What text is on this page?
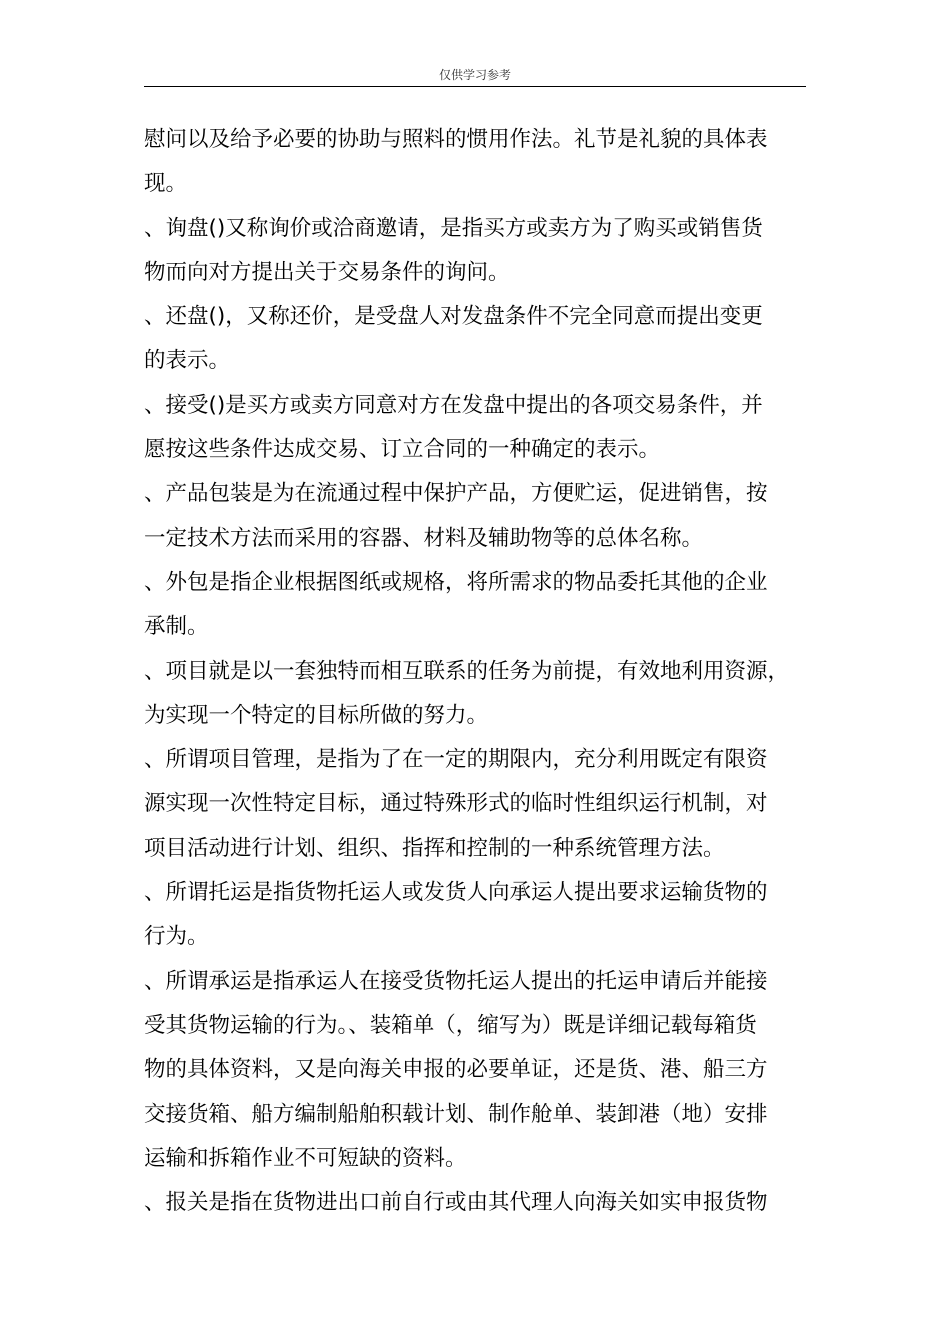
仅供学习参考

慰问以及给予必要的协助与照料的惯用作法。礼节是礼貌的具体表

现。

、询盘()又称询价或洽商邀请，是指买方或卖方为了购买或销售货

物而向对方提出关于交易条件的询问。

、还盘()，又称还价，是受盘人对发盘条件不完全同意而提出变更

的表示。

、接受()是买方或卖方同意对方在发盘中提出的各项交易条件，并

愿按这些条件达成交易、订立合同的一种确定的表示。

、产品包装是为在流通过程中保护产品，方便贮运，促进销售，按

一定技术方法而采用的容器、材料及辅助物等的总体名称。

、外包是指企业根据图纸或规格，将所需求的物品委托其他的企业

承制。

、项目就是以一套独特而相互联系的任务为前提，有效地利用资源，

为实现一个特定的目标所做的努力。

、所谓项目管理，是指为了在一定的期限内，充分利用既定有限资

源实现一次性特定目标，通过特殊形式的临时性组织运行机制，对

项目活动进行计划、组织、指挥和控制的一种系统管理方法。

、所谓托运是指货物托运人或发货人向承运人提出要求运输货物的

行为。

、所谓承运是指承运人在接受货物托运人提出的托运申请后并能接

受其货物运输的行为。、装箱单（，缩写为）既是详细记载每箱货

物的具体资料，又是向海关申报的必要单证，还是货、港、船三方

交接货箱、船方编制船舶积载计划、制作舱单、装卸港（地）安排

运输和拆箱作业不可短缺的资料。

、报关是指在货物进出口前自行或由其代理人向海关如实申报货物
